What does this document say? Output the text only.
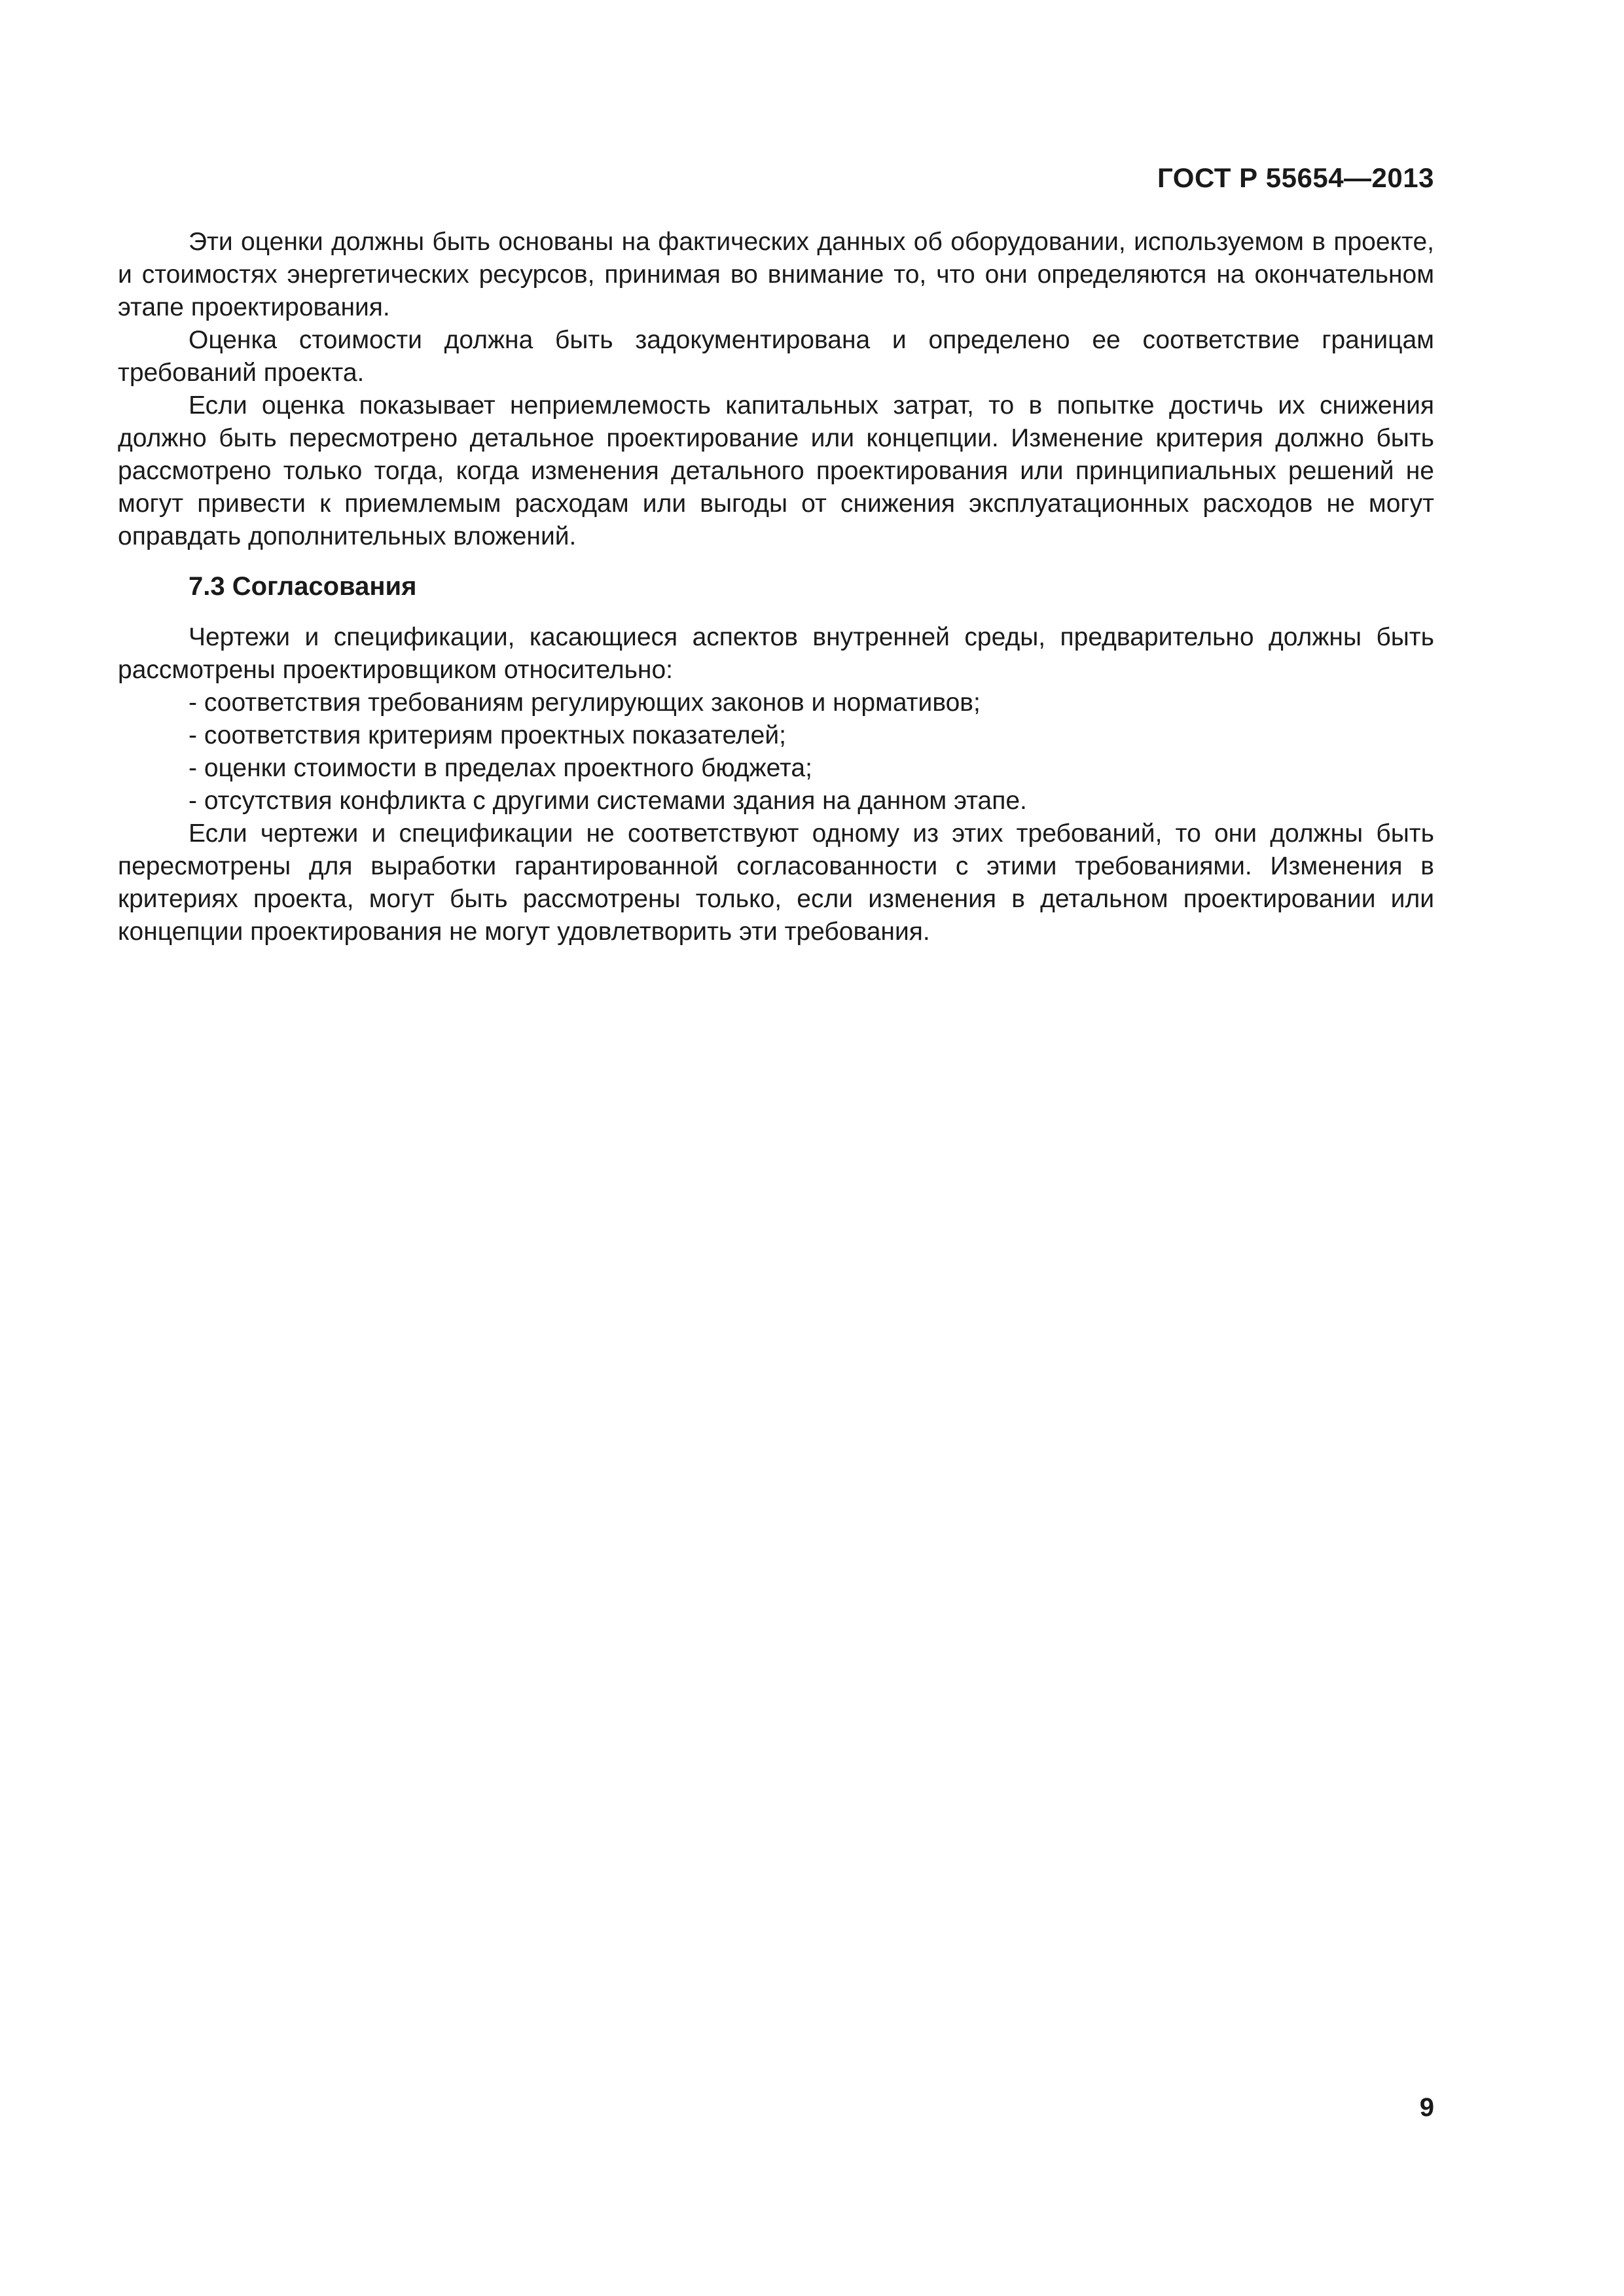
ГОСТ Р 55654—2013

Эти оценки должны быть основаны на фактических данных об оборудовании, используемом в проекте, и стоимостях энергетических ресурсов, принимая во внимание то, что они определяются на окончательном этапе проектирования.

Оценка стоимости должна быть задокументирована и определено ее соответствие границам требований проекта.

Если оценка показывает неприемлемость капитальных затрат, то в попытке достичь их снижения должно быть пересмотрено детальное проектирование или концепции. Изменение критерия должно быть рассмотрено только тогда, когда изменения детального проектирования или принципиальных решений не могут привести к приемлемым расходам или выгоды от снижения эксплуатационных расходов не могут оправдать дополнительных вложений.

7.3 Согласования

Чертежи и спецификации, касающиеся аспектов внутренней среды, предварительно должны быть рассмотрены проектировщиком относительно:

- соответствия требованиям регулирующих законов и нормативов;
- соответствия критериям проектных показателей;
- оценки стоимости в пределах проектного бюджета;
- отсутствия конфликта с другими системами здания на данном этапе.

Если чертежи и спецификации не соответствуют одному из этих требований, то они должны быть пересмотрены для выработки гарантированной согласованности с этими требованиями. Изменения в критериях проекта, могут быть рассмотрены только, если изменения в детальном проектировании или концепции проектирования не могут удовлетворить эти требования.

9
